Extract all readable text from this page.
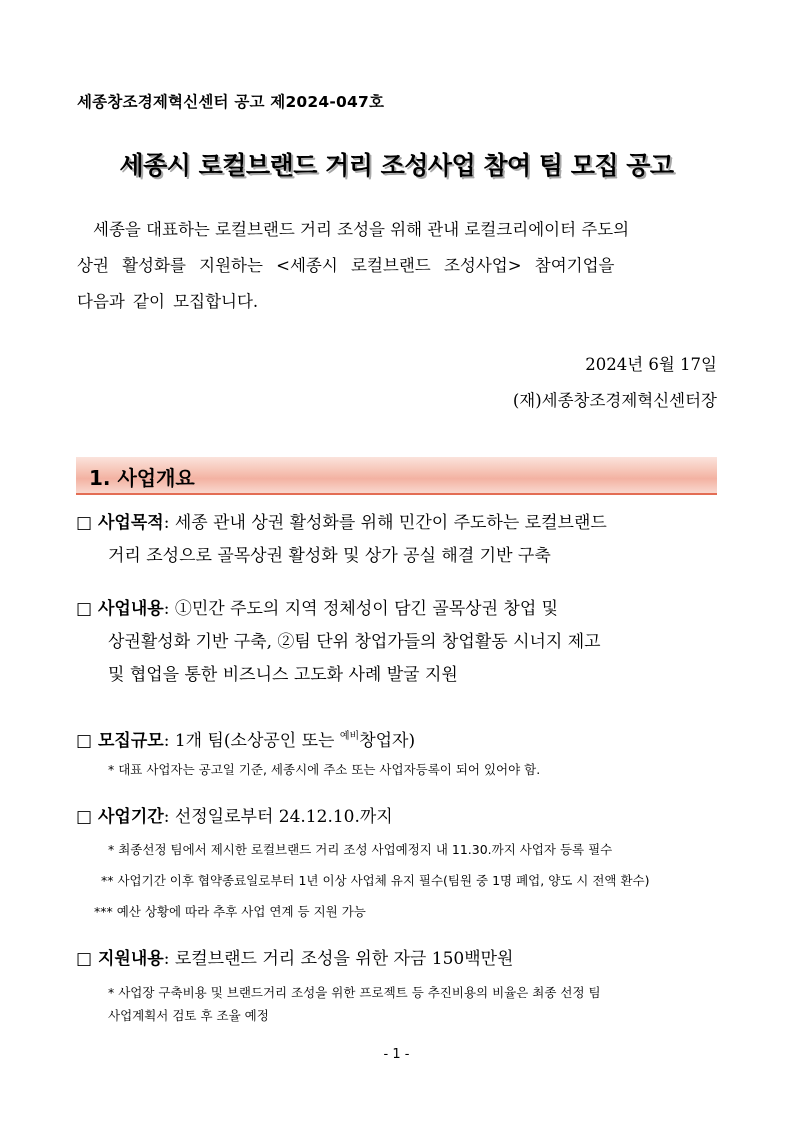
세종창조경제혁신센터 공고 제2024-047호
세종시 로컬브랜드 거리 조성사업 참여 팀 모집 공고

세종을 대표하는 로컬브랜드 거리 조성을 위해 관내 로컬크리에이터 주도의

상권 활성화를 지원하는 <세종시 로컬브랜드 조성사업> 참여기업을

다음과 같이 모집합니다.

2024년 6월 17일
(재)세종창조경제혁신센터장
1. 사업개요
□ 사업목적: 세종 관내 상권 활성화를 위해 민간이 주도하는 로컬브랜드
거리 조성으로 골목상권 활성화 및 상가 공실 해결 기반 구축
□ 사업내용: ①민간 주도의 지역 정체성이 담긴 골목상권 창업 및
상권활성화 기반 구축, ②팀 단위 창업가들의 창업활동 시너지 제고
및 협업을 통한 비즈니스 고도화 사례 발굴 지원
□ 모집규모: 1개 팀(소상공인 또는 $^{예비}$창업자)
* 대표 사업자는 공고일 기준, 세종시에 주소 또는 사업자등록이 되어 있어야 함.
□ 사업기간: 선정일로부터 24.12.10.까지
* 최종선정 팀에서 제시한 로컬브랜드 거리 조성 사업예정지 내 11.30.까지 사업자 등록 필수
** 사업기간 이후 협약종료일로부터 1년 이상 사업체 유지 필수(팀원 중 1명 폐업, 양도 시 전액 환수)
*** 예산 상황에 따라 추후 사업 연계 등 지원 가능
□ 지원내용: 로컬브랜드 거리 조성을 위한 자금 150백만원
* 사업장 구축비용 및 브랜드거리 조성을 위한 프로젝트 등 추진비용의 비율은 최종 선정 팀
사업계획서 검토 후 조율 예정
- 1 -
